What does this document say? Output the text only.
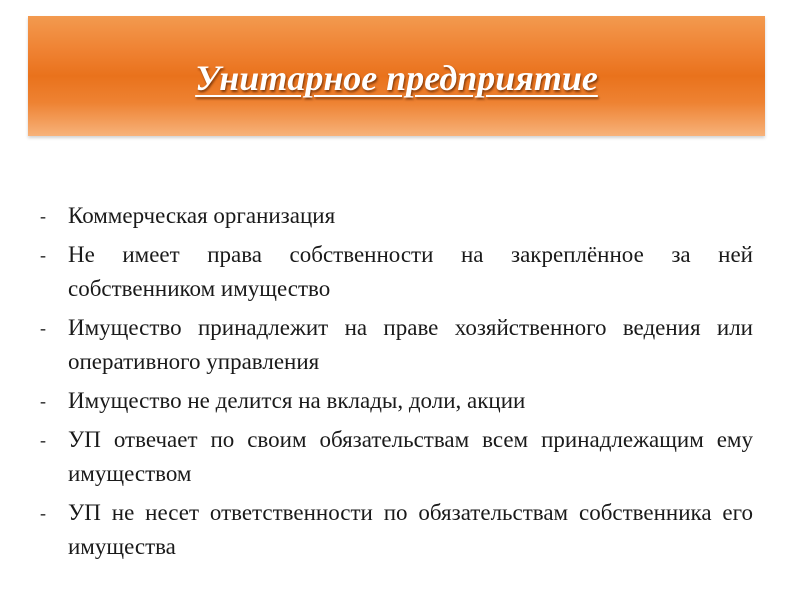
Унитарное предприятие
- Коммерческая организация
- Не имеет права собственности на закреплённое за ней собственником имущество
- Имущество принадлежит на праве хозяйственного ведения или оперативного управления
- Имущество не делится на вклады, доли, акции
- УП отвечает по своим обязательствам всем принадлежащим ему имуществом
- УП не несет ответственности по обязательствам собственника его имущества
